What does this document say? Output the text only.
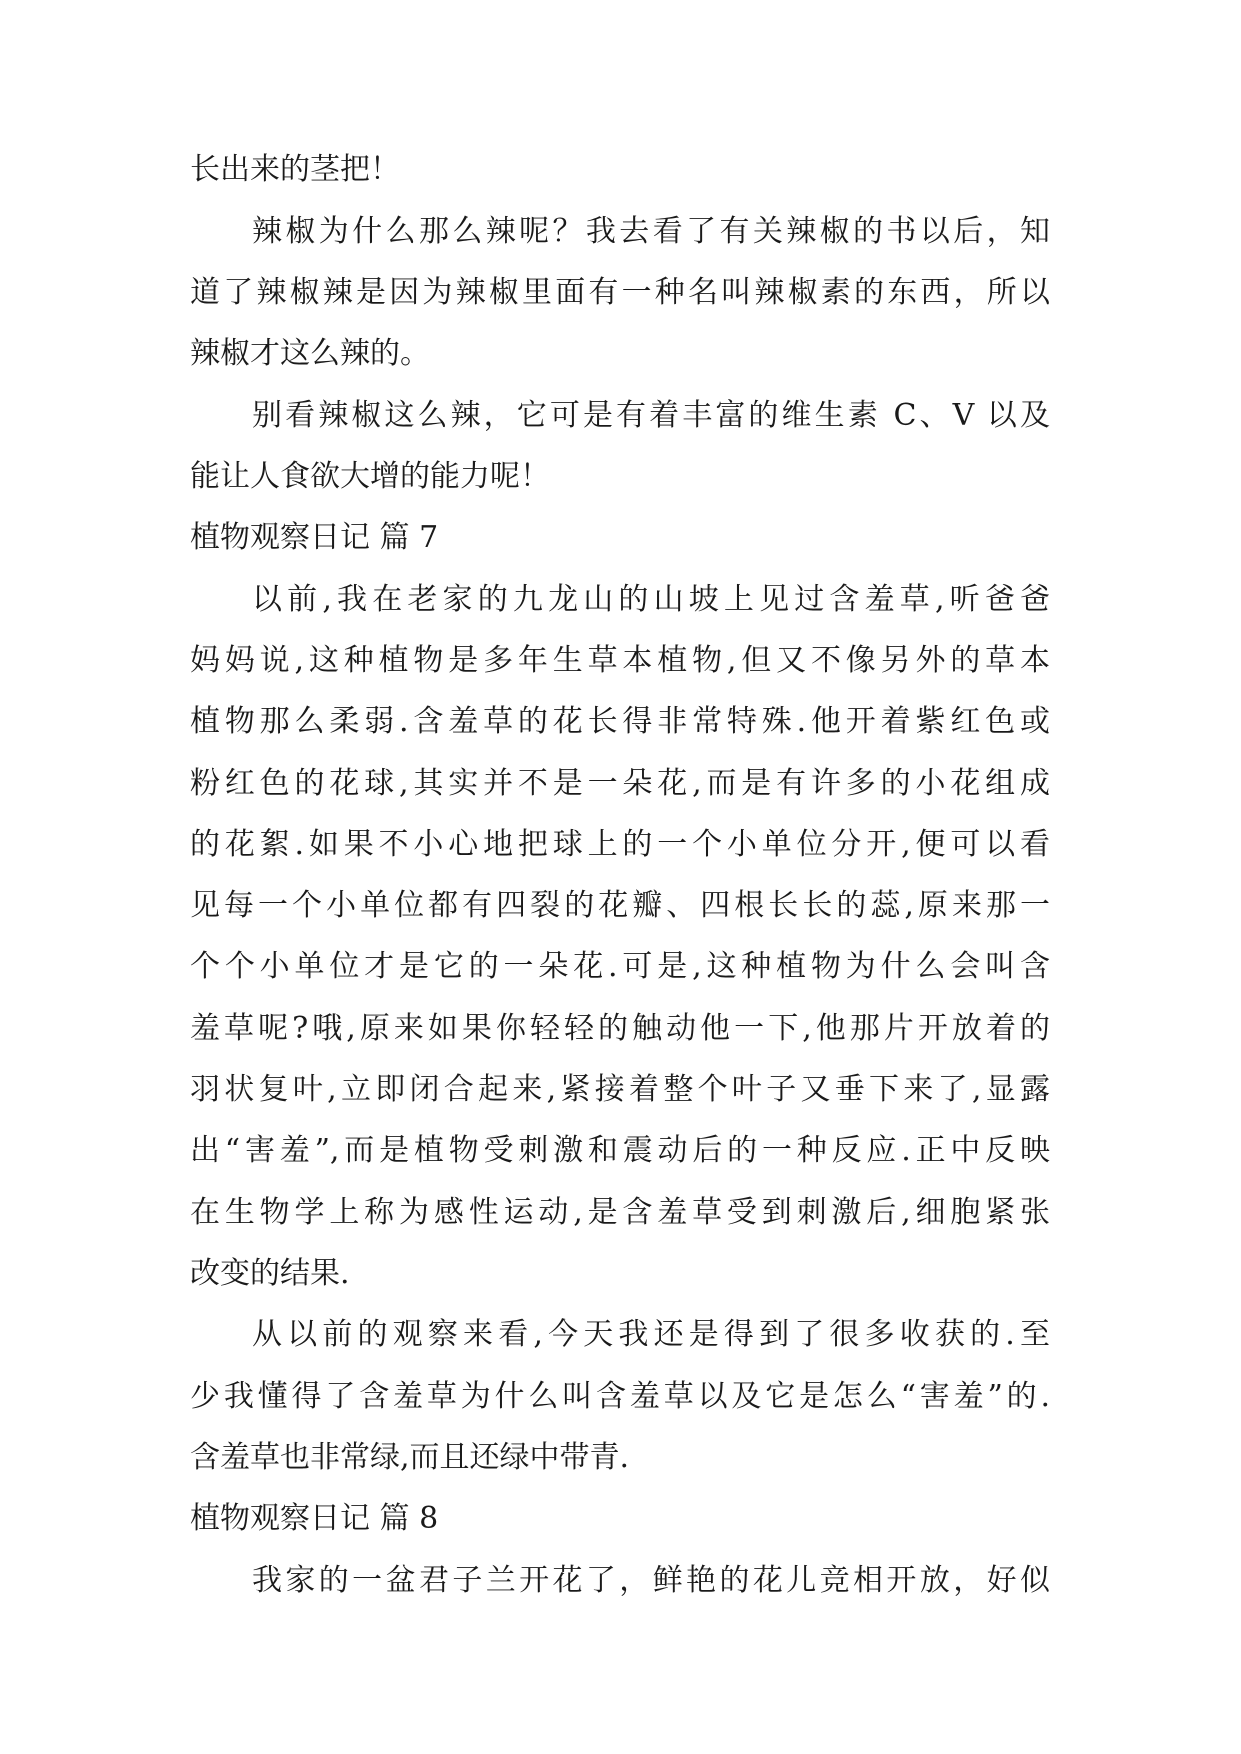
长出来的茎把！
辣椒为什么那么辣呢？我去看了有关辣椒的书以后，知
道了辣椒辣是因为辣椒里面有一种名叫辣椒素的东西，所以
辣椒才这么辣的。
别看辣椒这么辣，它可是有着丰富的维生素 C、V 以及
能让人食欲大增的能力呢！
植物观察日记 篇 7
以前,我在老家的九龙山的山坡上见过含羞草,听爸爸
妈妈说,这种植物是多年生草本植物,但又不像另外的草本
植物那么柔弱.含羞草的花长得非常特殊.他开着紫红色或
粉红色的花球,其实并不是一朵花,而是有许多的小花组成
的花絮.如果不小心地把球上的一个小单位分开,便可以看
见每一个小单位都有四裂的花瓣、四根长长的蕊,原来那一
个个小单位才是它的一朵花.可是,这种植物为什么会叫含
羞草呢?哦,原来如果你轻轻的触动他一下,他那片开放着的
羽状复叶,立即闭合起来,紧接着整个叶子又垂下来了,显露
出“害羞”,而是植物受刺激和震动后的一种反应.正中反映
在生物学上称为感性运动,是含羞草受到刺激后,细胞紧张
改变的结果.
从以前的观察来看,今天我还是得到了很多收获的.至
少我懂得了含羞草为什么叫含羞草以及它是怎么“害羞”的.
含羞草也非常绿,而且还绿中带青.
植物观察日记 篇 8
我家的一盆君子兰开花了，鲜艳的花儿竞相开放，好似
